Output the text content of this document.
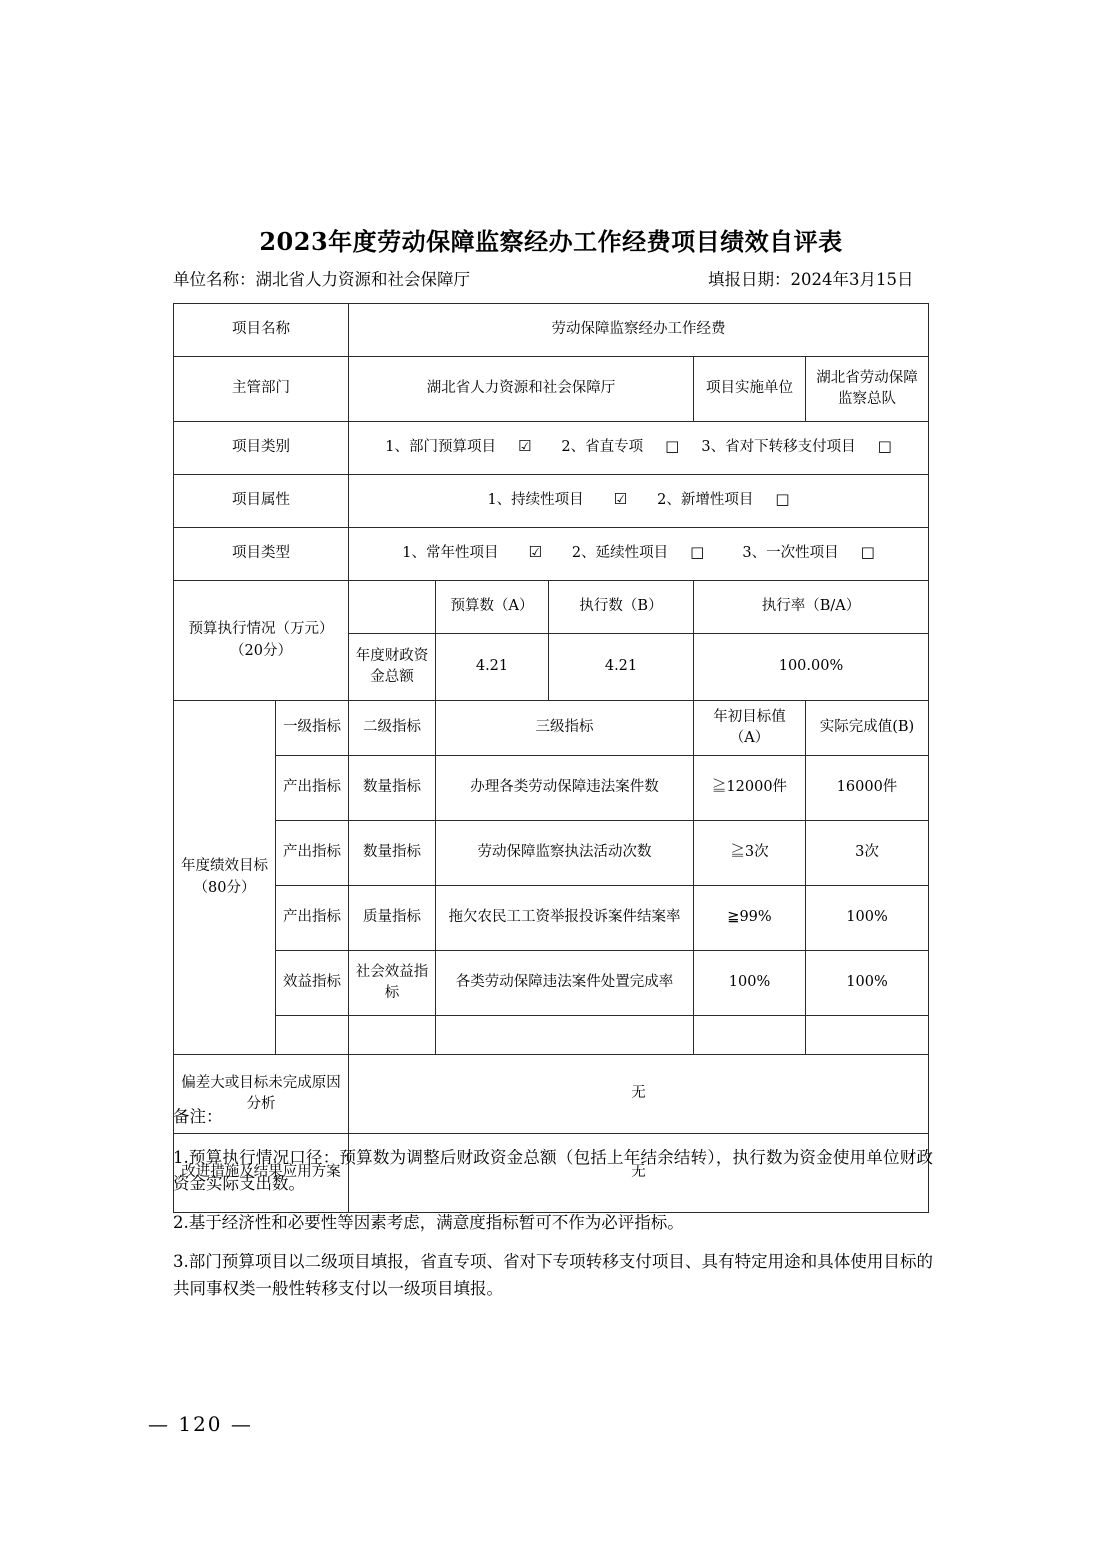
2023年度劳动保障监察经办工作经费项目绩效自评表
单位名称：湖北省人力资源和社会保障厅	填报日期：2024年3月15日
项目名称		劳动保障监察经办工作经费				
主管部门		湖北省人力资源和社会保障厅			项目实施单位	湖北省劳动保障监察总队
项目类别		1、部门预算项目 ☑ 2、省直专项 □ 3、省对下转移支付项目 □				
项目属性		1、持续性项目 ☑ 2、新增性项目 □				
项目类型		1、常年性项目 ☑ 2、延续性项目 □ 3、一次性项目 □				

预算执行情况（万元）
（20分）			预算数（A）	执行数（B）	执行率（B/A）	
		年度财政资金总额	4.21	4.21	100.00%	

年度绩效目标
（80分）	一级指标	二级指标	三级指标		年初目标值（A）	实际完成值(B)
	产出指标	数量指标	办理各类劳动保障违法案件数		≧12000件	16000件
	产出指标	数量指标	劳动保障监察执法活动次数		≧3次	3次
	产出指标	质量指标	拖欠农民工工资举报投诉案件结案率		≧99%	100%
	效益指标	社会效益指标	各类劳动保障违法案件处置完成率		100%	100%

偏差大或目标未完成原因分析		无				
改进措施及结果应用方案		无				

备注：

1.预算执行情况口径：预算数为调整后财政资金总额（包括上年结余结转），执行数为资金使用单位财政资金实际支出数。

2.基于经济性和必要性等因素考虑，满意度指标暂可不作为必评指标。

3.部门预算项目以二级项目填报，省直专项、省对下专项转移支付项目、具有特定用途和具体使用目标的共同事权类一般性转移支付以一级项目填报。

— 120 —
